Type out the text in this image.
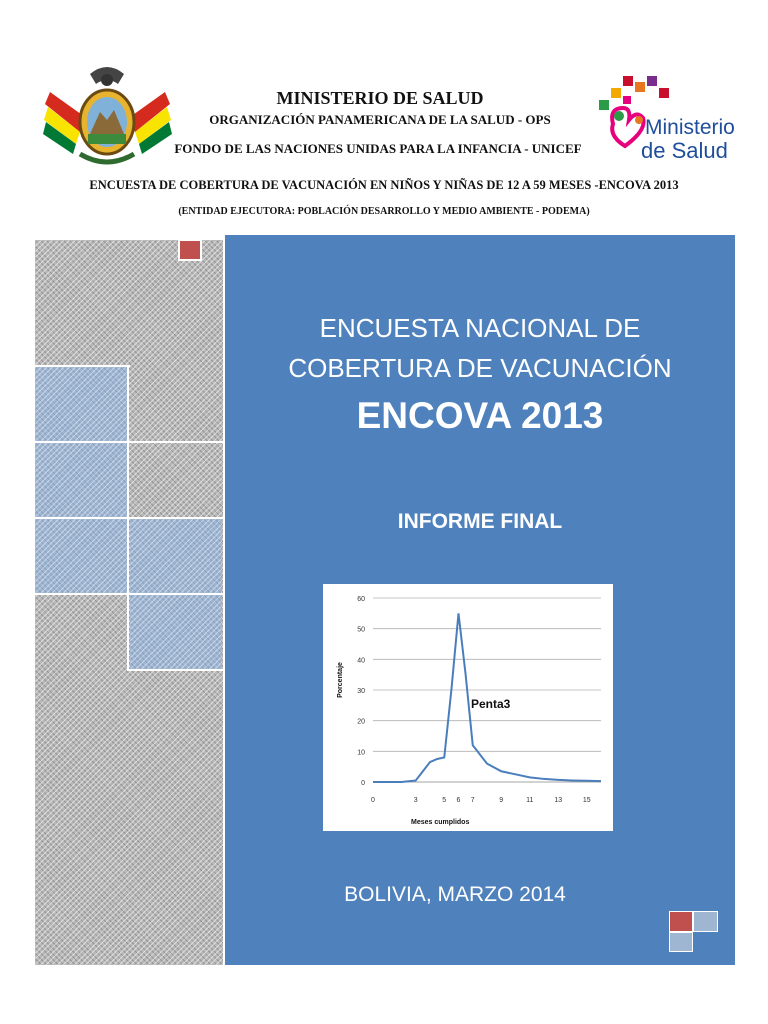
MINISTERIO DE SALUD
ORGANIZACIÓN PANAMERICANA DE LA SALUD - OPS
FONDO DE LAS NACIONES UNIDAS PARA LA INFANCIA - UNICEF
ENCUESTA DE COBERTURA DE VACUNACIÓN EN NIÑOS Y NIÑAS DE 12 A 59 MESES -ENCOVA 2013
(ENTIDAD EJECUTORA: POBLACIÓN DESARROLLO Y MEDIO AMBIENTE - PODEMA)
Ministerio
de Salud
ENCUESTA NACIONAL DE
COBERTURA DE VACUNACIÓN
ENCOVA 2013
INFORME FINAL
0
10
20
30
40
50
60
0	3	5 6 7	9	11	13	15
Penta3
Meses cumplidos
Porcentaje
BOLIVIA, MARZO 2014
